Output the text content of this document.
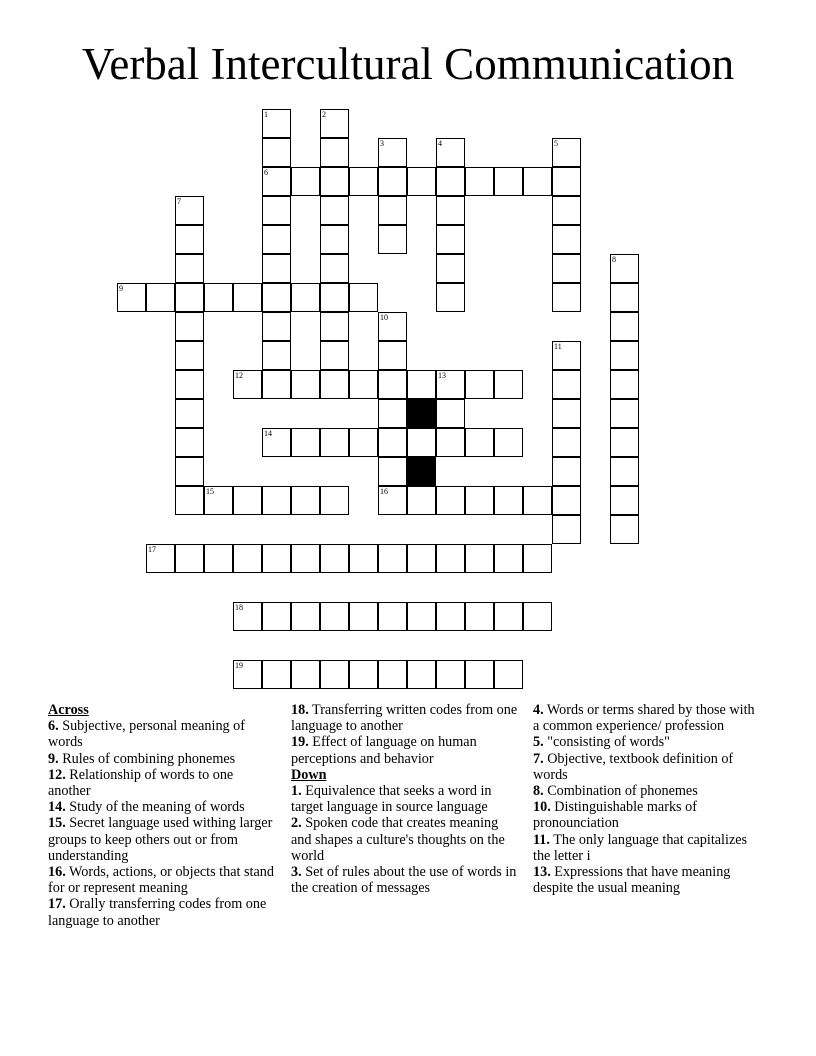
Verbal Intercultural Communication
1
6
2
3	4	5
7
8
9
10
16
11
12	13
14
15
17
18
19
Across
6. Subjective, personal meaning of words
9. Rules of combining phonemes
12. Relationship of words to one another
14. Study of the meaning of words
15. Secret language used withing larger groups to keep others out or from understanding
16. Words, actions, or objects that stand for or represent meaning
17. Orally transferring codes from one language to another
18. Transferring written codes from one language to another
19. Effect of language on human perceptions and behavior
Down
1. Equivalence that seeks a word in target language in source language
2. Spoken code that creates meaning and shapes a culture's thoughts on the world
3. Set of rules about the use of words in the creation of messages
4. Words or terms shared by those with a common experience/ profession
5. "consisting of words"
7. Objective, textbook definition of words
8. Combination of phonemes
10. Distinguishable marks of pronounciation
11. The only language that capitalizes the letter i
13. Expressions that have meaning despite the usual meaning
